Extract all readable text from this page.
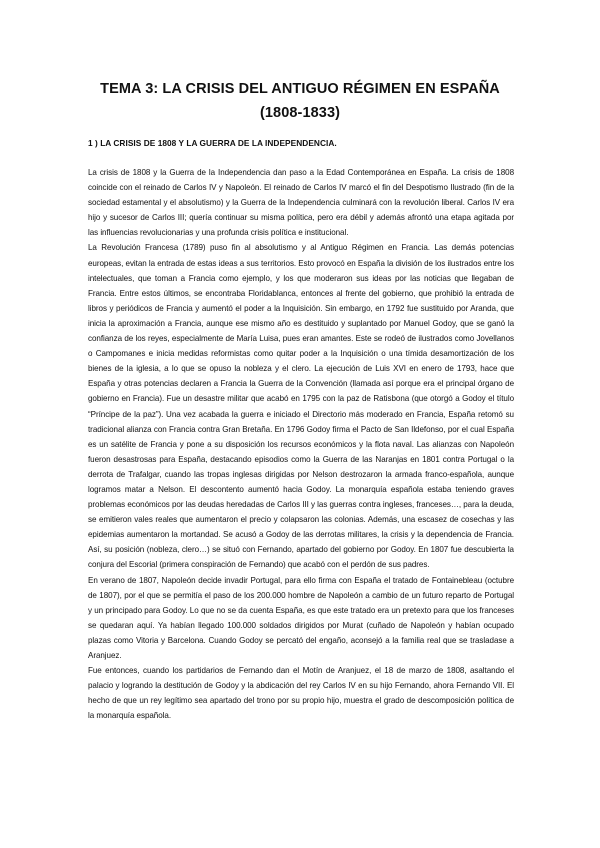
TEMA 3: LA CRISIS DEL ANTIGUO RÉGIMEN EN ESPAÑA
(1808-1833)
1 ) LA CRISIS DE 1808 Y LA GUERRA DE LA INDEPENDENCIA.

La crisis de 1808 y la Guerra de la Independencia dan paso a la Edad Contemporánea en España. La crisis de 1808 coincide con el reinado de Carlos IV y Napoleón. El reinado de Carlos IV marcó el fin del Despotismo Ilustrado (fin de la sociedad estamental y el absolutismo) y la Guerra de la Independencia culminará con la revolución liberal. Carlos IV era hijo y sucesor de Carlos III; quería continuar su misma política, pero era débil y además afrontó una etapa agitada por las influencias revolucionarias y una profunda crisis política e institucional.

La Revolución Francesa (1789) puso fin al absolutismo y al Antiguo Régimen en Francia. Las demás potencias europeas, evitan la entrada de estas ideas a sus territorios. Esto provocó en España la división de los ilustrados entre los intelectuales, que toman a Francia como ejemplo, y los que moderaron sus ideas por las noticias que llegaban de Francia. Entre estos últimos, se encontraba Floridablanca, entonces al frente del gobierno, que prohibió la entrada de libros y periódicos de Francia y aumentó el poder a la Inquisición. Sin embargo, en 1792 fue sustituido por Aranda, que inicia la aproximación a Francia, aunque ese mismo año es destituido y suplantado por Manuel Godoy, que se ganó la confianza de los reyes, especialmente de María Luisa, pues eran amantes. Este se rodeó de ilustrados como Jovellanos o Campomanes e inicia medidas reformistas como quitar poder a la Inquisición o una tímida desamortización de los bienes de la iglesia, a lo que se opuso la nobleza y el clero. La ejecución de Luis XVI en enero de 1793, hace que España y otras potencias declaren a Francia la Guerra de la Convención (llamada así porque era el principal órgano de gobierno en Francia). Fue un desastre militar que acabó en 1795 con la paz de Ratisbona (que otorgó a Godoy el título “Príncipe de la paz”). Una vez acabada la guerra e iniciado el Directorio más moderado en Francia, España retomó su tradicional alianza con Francia contra Gran Bretaña. En 1796 Godoy firma el Pacto de San Ildefonso, por el cual España es un satélite de Francia y pone a su disposición los recursos económicos y la flota naval. Las alianzas con Napoleón fueron desastrosas para España, destacando episodios como la Guerra de las Naranjas en 1801 contra Portugal o la derrota de Trafalgar, cuando las tropas inglesas dirigidas por Nelson destrozaron la armada franco-española, aunque logramos matar a Nelson. El descontento aumentó hacia Godoy. La monarquía española estaba teniendo graves problemas económicos por las deudas heredadas de Carlos III y las guerras contra ingleses, franceses…, para la deuda, se emitieron vales reales que aumentaron el precio y colapsaron las colonias. Además, una escasez de cosechas y las epidemias aumentaron la mortandad. Se acusó a Godoy de las derrotas militares, la crisis y la dependencia de Francia. Así, su posición (nobleza, clero…) se situó con Fernando, apartado del gobierno por Godoy. En 1807 fue descubierta la conjura del Escorial (primera conspiración de Fernando) que acabó con el perdón de sus padres.

En verano de 1807, Napoleón decide invadir Portugal, para ello firma con España el tratado de Fontainebleau (octubre de 1807), por el que se permitía el paso de los 200.000 hombre de Napoleón a cambio de un futuro reparto de Portugal y un principado para Godoy. Lo que no se da cuenta España, es que este tratado era un pretexto para que los franceses se quedaran aquí. Ya habían llegado 100.000 soldados dirigidos por Murat (cuñado de Napoleón y habían ocupado plazas como Vitoria y Barcelona. Cuando Godoy se percató del engaño, aconsejó a la familia real que se trasladase a Aranjuez.

Fue entonces, cuando los partidarios de Fernando dan el Motín de Aranjuez, el 18 de marzo de 1808, asaltando el palacio y logrando la destitución de Godoy y la abdicación del rey Carlos IV en su hijo Fernando, ahora Fernando VII. El hecho de que un rey legítimo sea apartado del trono por su propio hijo, muestra el grado de descomposición política de la monarquía española.
